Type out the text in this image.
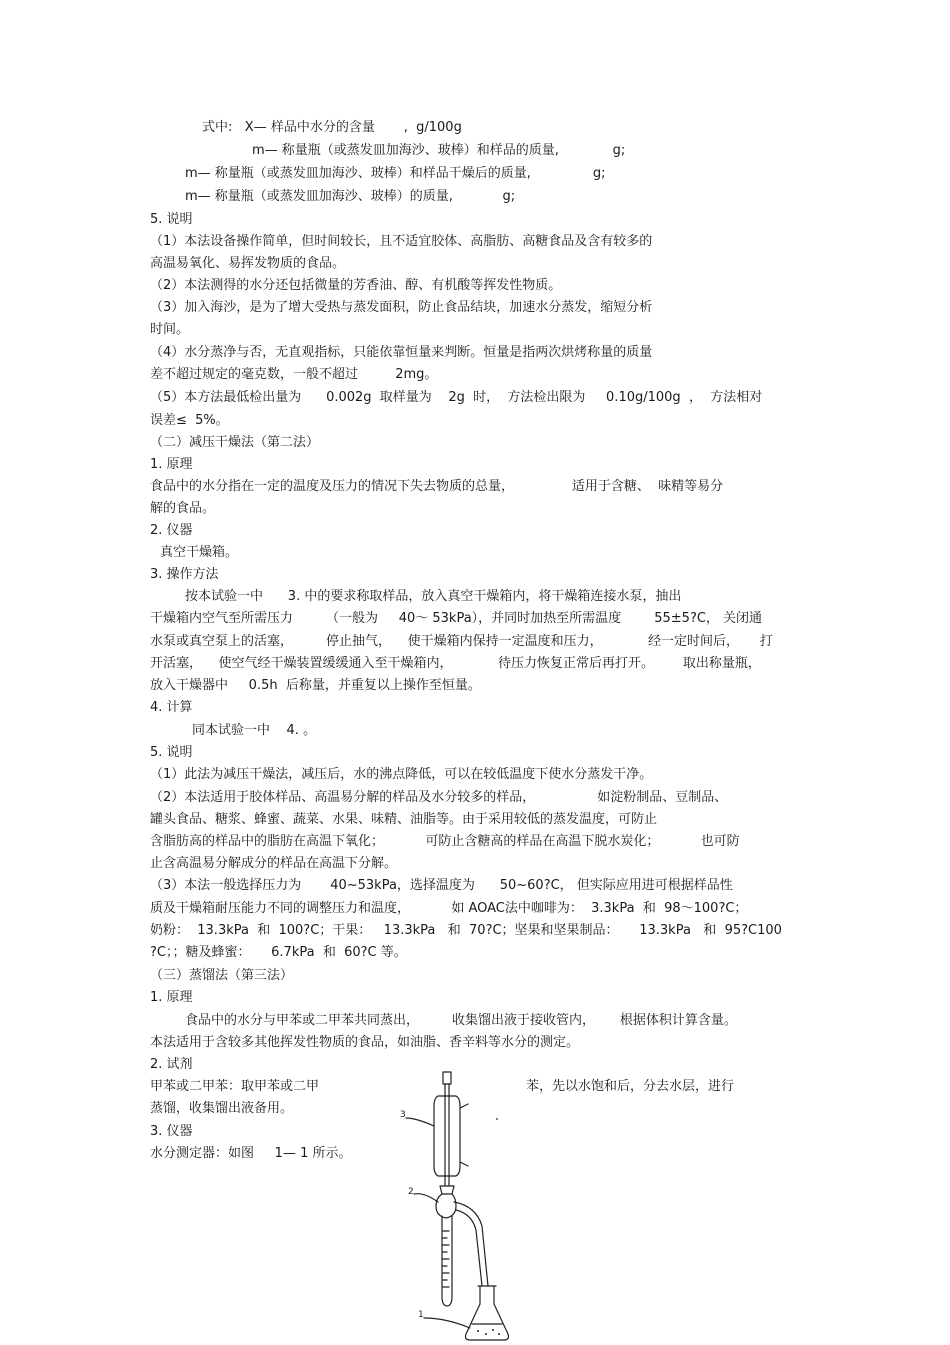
式中:   X— 样品中水分的含量       ,  g/100g
m— 称量瓶（或蒸发皿加海沙、玻棒）和样品的质量,             g;
m— 称量瓶（或蒸发皿加海沙、玻棒）和样品干燥后的质量,               g;
m— 称量瓶（或蒸发皿加海沙、玻棒）的质量,            g;
5. 说明
（1）本法设备操作简单，但时间较长，且不适宜胶体、高脂肪、高糖食品及含有较多的
高温易氧化、易挥发物质的食品。
（2）本法测得的水分还包括微量的芳香油、醇、有机酸等挥发性物质。
（3）加入海沙，是为了增大受热与蒸发面积，防止食品结块，加速水分蒸发，缩短分析
时间。
（4）水分蒸净与否，无直观指标，只能依靠恒量来判断。恒量是指两次烘烤称量的质量
差不超过规定的毫克数，一般不超过         2mg。
（5）本方法最低检出量为      0.002g  取样量为    2g  时，  方法检出限为     0.10g/100g  ，  方法相对
误差≤  5%。
（二）减压干燥法（第二法）
1. 原理
食品中的水分指在一定的温度及压力的情况下失去物质的总量，              适用于含糖、  味精等易分
解的食品。
2. 仪器
真空干燥箱。
3. 操作方法
按本试验一中      3. 中的要求称取样品，放入真空干燥箱内，将干燥箱连接水泵，抽出
干燥箱内空气至所需压力        （一般为     40～ 53kPa），并同时加热至所需温度        55±5?C， 关闭通
水泵或真空泵上的活塞，        停止抽气，    使干燥箱内保持一定温度和压力，           经一定时间后，     打
开活塞，    使空气经干燥装置缓缓通入至干燥箱内，           待压力恢复正常后再打开。       取出称量瓶，
放入干燥器中     0.5h  后称量，并重复以上操作至恒量。
4. 计算
同本试验一中    4. 。
5. 说明
（1）此法为减压干燥法，减压后，水的沸点降低，可以在较低温度下使水分蒸发干净。
（2）本法适用于胶体样品、高温易分解的样品及水分较多的样品，               如淀粉制品、豆制品、
罐头食品、糖浆、蜂蜜、蔬菜、水果、味精、油脂等。由于采用较低的蒸发温度，可防止
含脂肪高的样品中的脂肪在高温下氧化；          可防止含糖高的样品在高温下脱水炭化；          也可防
止含高温易分解成分的样品在高温下分解。
（3）本法一般选择压力为       40~53kPa，选择温度为      50~60?C， 但实际应用进可根据样品性
质及干燥箱耐压能力不同的调整压力和温度，          如 AOAC法中咖啡为：  3.3kPa  和  98～100?C；
奶粉：  13.3kPa  和  100?C；干果：   13.3kPa   和  70?C；坚果和坚果制品：     13.3kPa   和  95?C100
?C；；糖及蜂蜜：     6.7kPa  和  60?C 等。
（三）蒸馏法（第三法）
1. 原理
食品中的水分与甲苯或二甲苯共同蒸出，        收集馏出液于接收管内，      根据体积计算含量。
本法适用于含较多其他挥发性物质的食品，如油脂、香辛料等水分的测定。
2. 试剂
甲苯或二甲苯：取甲苯或二甲	苯，先以水饱和后，分去水层，进行
蒸馏，收集馏出液备用。
3. 仪器
水分测定器：如图     1— 1 所示。
3
2
1
